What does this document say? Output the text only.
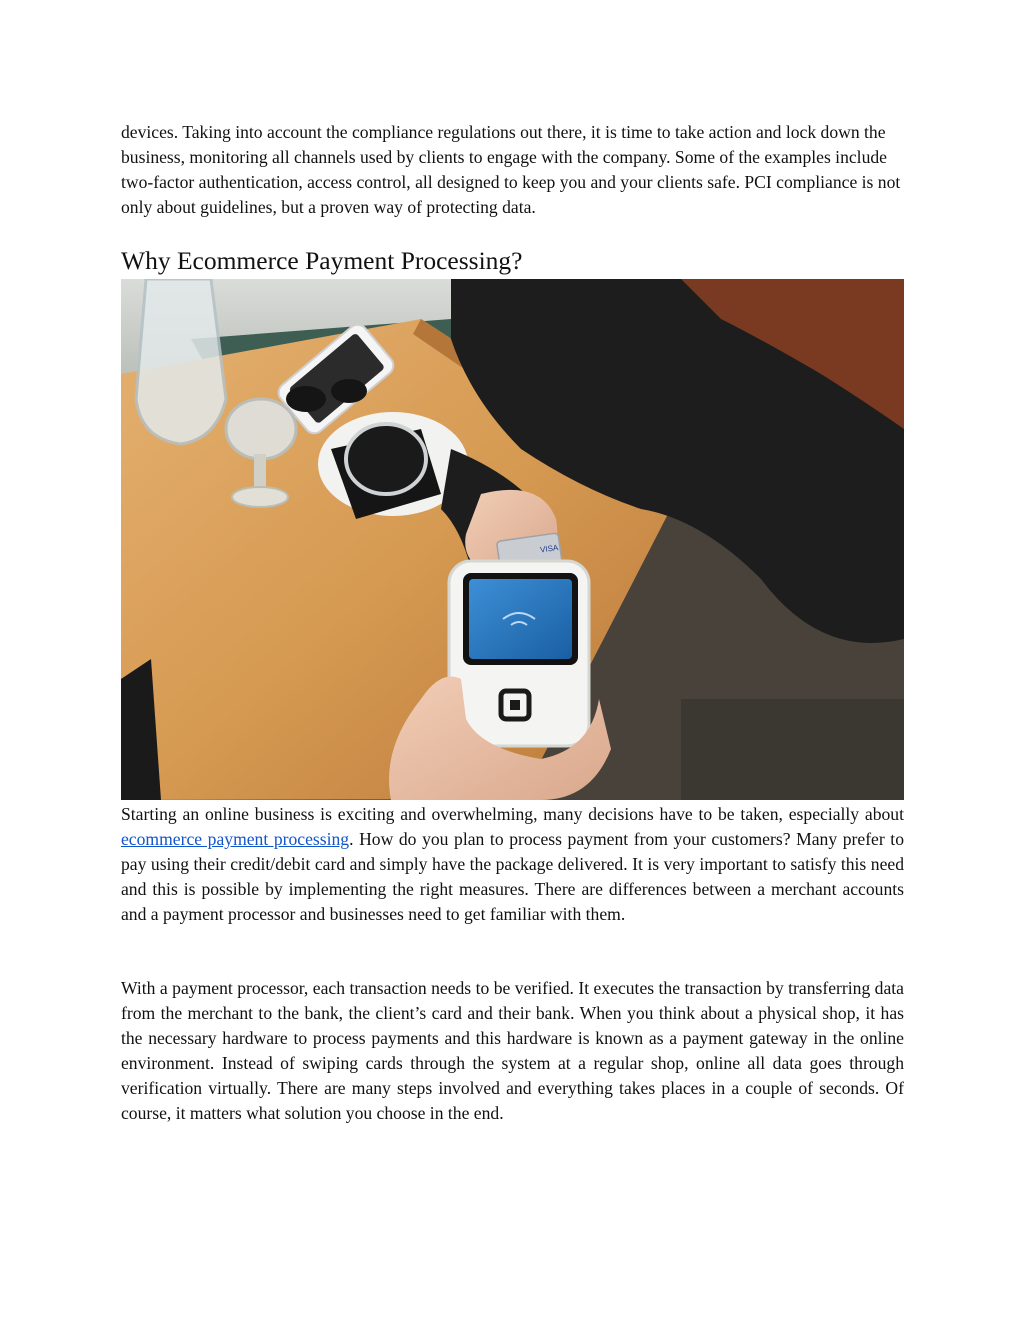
devices. Taking into account the compliance regulations out there, it is time to take action and lock down the business, monitoring all channels used by clients to engage with the company. Some of the examples include two-factor authentication, access control, all designed to keep you and your clients safe. PCI compliance is not only about guidelines, but a proven way of protecting data.

Why Ecommerce Payment Processing?
VISA

Starting an online business is exciting and overwhelming, many decisions have to be taken, especially about ecommerce payment processing. How do you plan to process payment from your customers? Many prefer to pay using their credit/debit card and simply have the package delivered. It is very important to satisfy this need and this is possible by implementing the right measures. There are differences between a merchant accounts and a payment processor and businesses need to get familiar with them.

With a payment processor, each transaction needs to be verified. It executes the transaction by transferring data from the merchant to the bank, the client’s card and their bank. When you think about a physical shop, it has the necessary hardware to process payments and this hardware is known as a payment gateway in the online environment. Instead of swiping cards through the system at a regular shop, online all data goes through verification virtually. There are many steps involved and everything takes places in a couple of seconds. Of course, it matters what solution you choose in the end.
